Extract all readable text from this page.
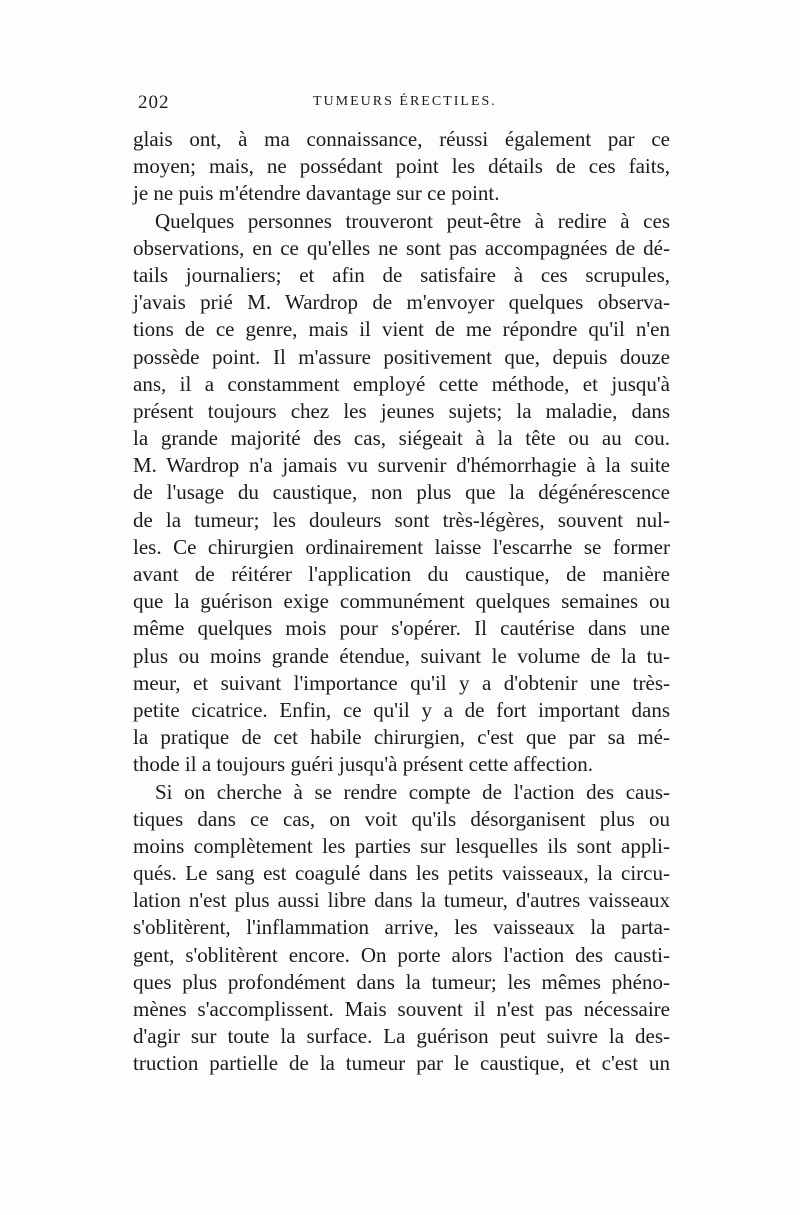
202	TUMEURS ÉRECTILES.
glais ont, à ma connaissance, réussi également par ce
moyen; mais, ne possédant point les détails de ces faits,
je ne puis m'étendre davantage sur ce point.
Quelques personnes trouveront peut-être à redire à ces
observations, en ce qu'elles ne sont pas accompagnées de dé-
tails journaliers; et afin de satisfaire à ces scrupules,
j'avais prié M. Wardrop de m'envoyer quelques observa-
tions de ce genre, mais il vient de me répondre qu'il n'en
possède point. Il m'assure positivement que, depuis douze
ans, il a constamment employé cette méthode, et jusqu'à
présent toujours chez les jeunes sujets; la maladie, dans
la grande majorité des cas, siégeait à la tête ou au cou.
M. Wardrop n'a jamais vu survenir d'hémorrhagie à la suite
de l'usage du caustique, non plus que la dégénérescence
de la tumeur; les douleurs sont très-légères, souvent nul-
les. Ce chirurgien ordinairement laisse l'escarrhe se former
avant de réitérer l'application du caustique, de manière
que la guérison exige communément quelques semaines ou
même quelques mois pour s'opérer. Il cautérise dans une
plus ou moins grande étendue, suivant le volume de la tu-
meur, et suivant l'importance qu'il y a d'obtenir une très-
petite cicatrice. Enfin, ce qu'il y a de fort important dans
la pratique de cet habile chirurgien, c'est que par sa mé-
thode il a toujours guéri jusqu'à présent cette affection.
Si on cherche à se rendre compte de l'action des caus-
tiques dans ce cas, on voit qu'ils désorganisent plus ou
moins complètement les parties sur lesquelles ils sont appli-
qués. Le sang est coagulé dans les petits vaisseaux, la circu-
lation n'est plus aussi libre dans la tumeur, d'autres vaisseaux
s'oblitèrent, l'inflammation arrive, les vaisseaux la parta-
gent, s'oblitèrent encore. On porte alors l'action des causti-
ques plus profondément dans la tumeur; les mêmes phéno-
mènes s'accomplissent. Mais souvent il n'est pas nécessaire
d'agir sur toute la surface. La guérison peut suivre la des-
truction partielle de la tumeur par le caustique, et c'est un
